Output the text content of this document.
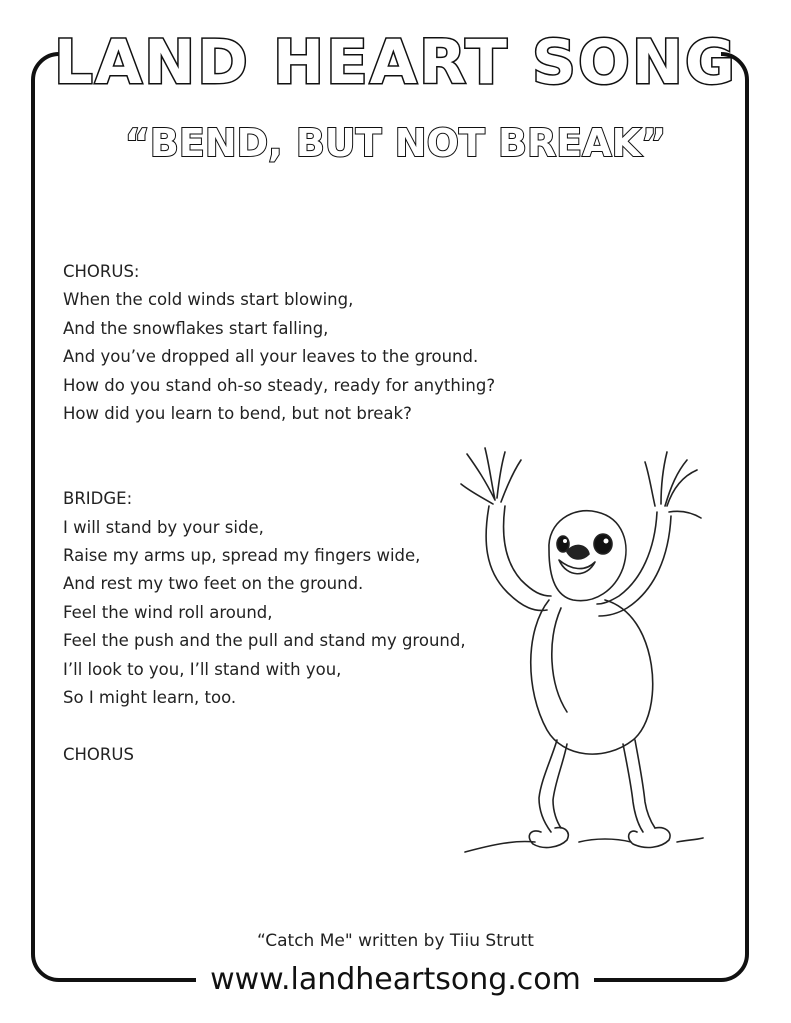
LAND HEART SONG
“BEND, BUT NOT BREAK”
CHORUS:
When the cold winds start blowing,
And the snowflakes start falling,
And you’ve dropped all your leaves to the ground.
How do you stand oh-so steady, ready for anything?
How did you learn to bend, but not break?
BRIDGE:
I will stand by your side,
Raise my arms up, spread my fingers wide,
And rest my two feet on the ground.
Feel the wind roll around,
Feel the push and the pull and stand my ground,
I’ll look to you, I’ll stand with you,
So I might learn, too.
CHORUS
“Catch Me" written by Tiiu Strutt
www.landheartsong.com
